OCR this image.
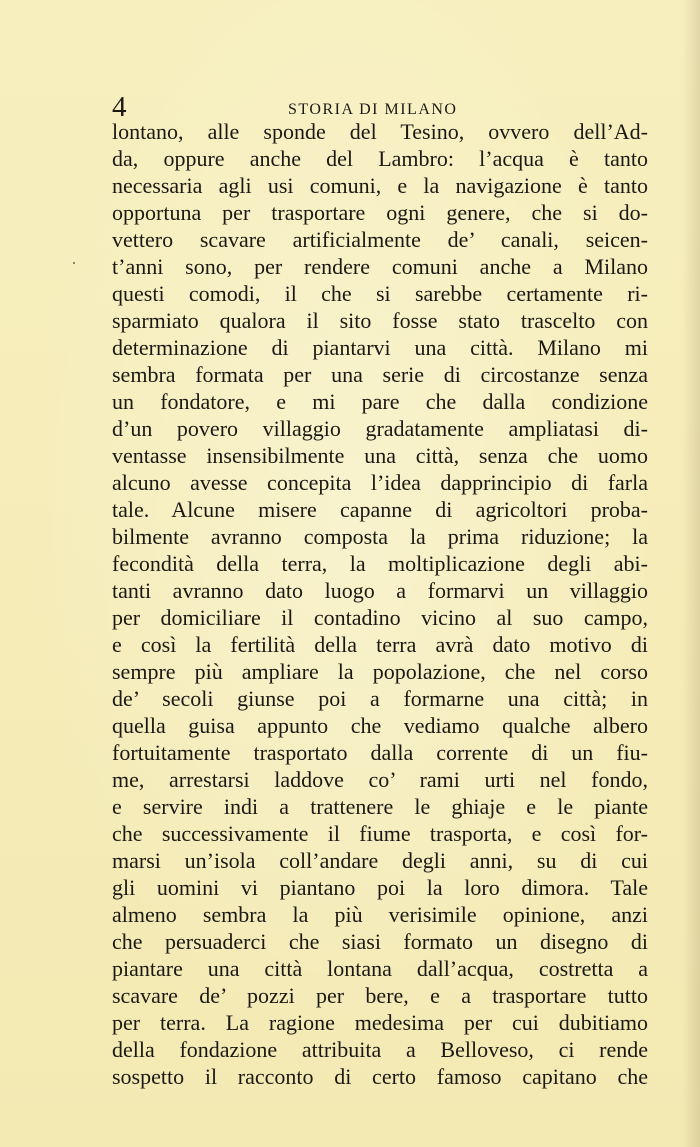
4	STORIA DI MILANO
lontano, alle sponde del Tesino, ovvero dell’Ad-
da, oppure anche del Lambro: l’acqua è tanto
necessaria agli usi comuni, e la navigazione è tanto
opportuna per trasportare ogni genere, che si do-
vettero scavare artificialmente de’ canali, seicen-
t’anni sono, per rendere comuni anche a Milano
questi comodi, il che si sarebbe certamente ri-
sparmiato qualora il sito fosse stato trascelto con
determinazione di piantarvi una città. Milano mi
sembra formata per una serie di circostanze senza
un fondatore, e mi pare che dalla condizione
d’un povero villaggio gradatamente ampliatasi di-
ventasse insensibilmente una città, senza che uomo
alcuno avesse concepita l’idea dapprincipio di farla
tale. Alcune misere capanne di agricoltori proba-
bilmente avranno composta la prima riduzione; la
fecondità della terra, la moltiplicazione degli abi-
tanti avranno dato luogo a formarvi un villaggio
per domiciliare il contadino vicino al suo campo,
e così la fertilità della terra avrà dato motivo di
sempre più ampliare la popolazione, che nel corso
de’ secoli giunse poi a formarne una città; in
quella guisa appunto che vediamo qualche albero
fortuitamente trasportato dalla corrente di un fiu-
me, arrestarsi laddove co’ rami urti nel fondo,
e servire indi a trattenere le ghiaje e le piante
che successivamente il fiume trasporta, e così for-
marsi un’isola coll’andare degli anni, su di cui
gli uomini vi piantano poi la loro dimora. Tale
almeno sembra la più verisimile opinione, anzi
che persuaderci che siasi formato un disegno di
piantare una città lontana dall’acqua, costretta a
scavare de’ pozzi per bere, e a trasportare tutto
per terra. La ragione medesima per cui dubitiamo
della fondazione attribuita a Belloveso, ci rende
sospetto il racconto di certo famoso capitano che
